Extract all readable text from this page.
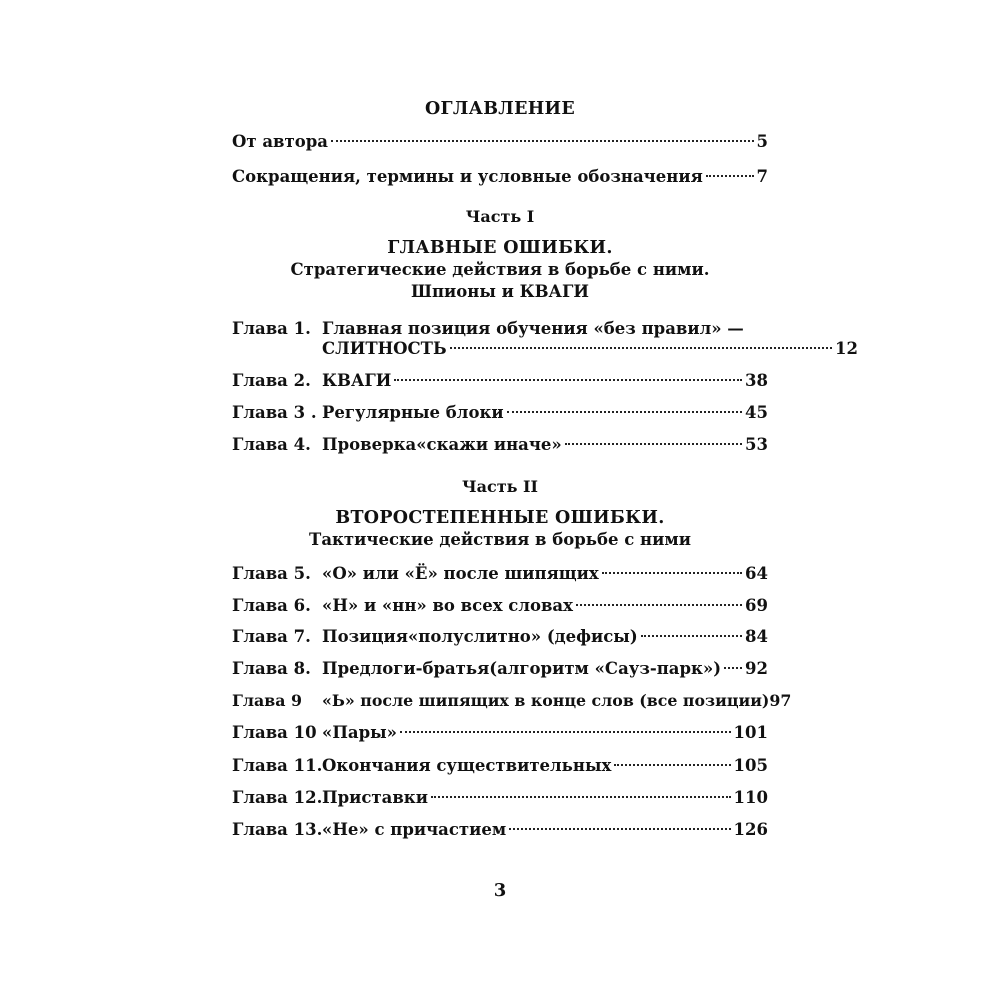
ОГЛАВЛЕНИЕ
От автора	5
Сокращения, термины и условные обозначения	7
Часть I
ГЛАВНЫЕ ОШИБКИ.
Стратегические действия в борьбе с ними.
Шпионы и КВАГИ
Глава 1. Главная позиция обучения «без правил» —
СЛИТНОСТЬ	12
Глава 2. КВАГИ	38
Глава 3 . Регулярные блоки	45
Глава 4. Проверка«скажи иначе»	53
Часть II
ВТОРОСТЕПЕННЫЕ ОШИБКИ.
Тактические действия в борьбе с ними
Глава 5. «О» или «Ё» после шипящих	64
Глава 6. «Н» и «нн» во всех словах	69
Глава 7. Позиция«полуслитно» (дефисы)	84
Глава 8. Предлоги-братья(алгоритм «Сауз-парк») 92
Глава 9	«Ь» после шипящих в конце слов (все позиции) 97
Глава 10 «Пары»	101
Глава 11. Окончания существительных	105
Глава 12. Приставки	110
Глава 13. «Не» с причастием	126
3
